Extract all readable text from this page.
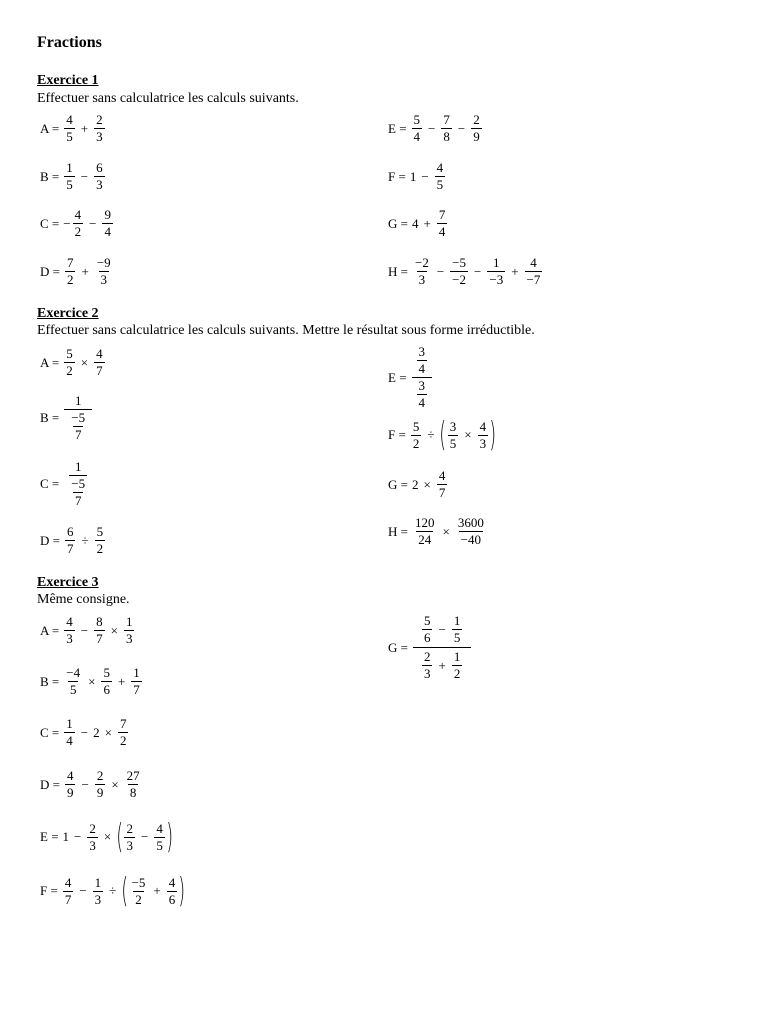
Fractions
Exercice 1
Effectuer sans calculatrice les calculs suivants.
$A = \frac{4}{5} + \frac{2}{3}$
$B = \frac{1}{5} - \frac{6}{3}$
C = − $\frac{4}{2} - \frac{9}{4}$
$D = \frac{7}{2} + \frac{-9}{3}$
$E = \frac{5}{4} - \frac{7}{8} - \frac{2}{9}$
$F = 1 - \frac{4}{5}$
$G = 4 + \frac{7}{4}$
$H = \frac{-2}{3} - \frac{-5}{-2} - \frac{1}{-3} + \frac{4}{-7}$
Exercice 2
Effectuer sans calculatrice les calculs suivants. Mettre le résultat sous forme irréductible.
$A = \frac{5}{2} \times \frac{4}{7}$
$B = \frac{1}{\frac{-5}{7}}$
$C = \frac{\frac{1}{-5}}{7}$
$D = \frac{6}{7} \div \frac{5}{2}$
$E = \frac{\frac{3}{4}}{\frac{3}{4}}$
$F = \frac{5}{2}$ ÷ ( $\frac{3}{5} \times \frac{4}{3}$ )
$G = 2 \times \frac{4}{7}$
$H = \frac{120}{24} \times \frac{3600}{-40}$
Exercice 3
Même consigne.
$A = \frac{4}{3} - \frac{8}{7} \times \frac{1}{3}$
$B = \frac{-4}{5} \times \frac{5}{6} + \frac{1}{7}$
$C = \frac{1}{4} - 2 \times \frac{7}{2}$
$D = \frac{4}{9} - \frac{2}{9} \times \frac{27}{8}$
$E = 1 - \frac{2}{3}$ × ( $\frac{2}{3} - \frac{4}{5}$ )
$F = \frac{4}{7} - \frac{1}{3}$ ÷ ( $\frac{-5}{2} + \frac{4}{6}$ )
$G = \frac{\frac{5}{6} - \frac{1}{5}}{\frac{2}{3} + \frac{1}{2}}$
